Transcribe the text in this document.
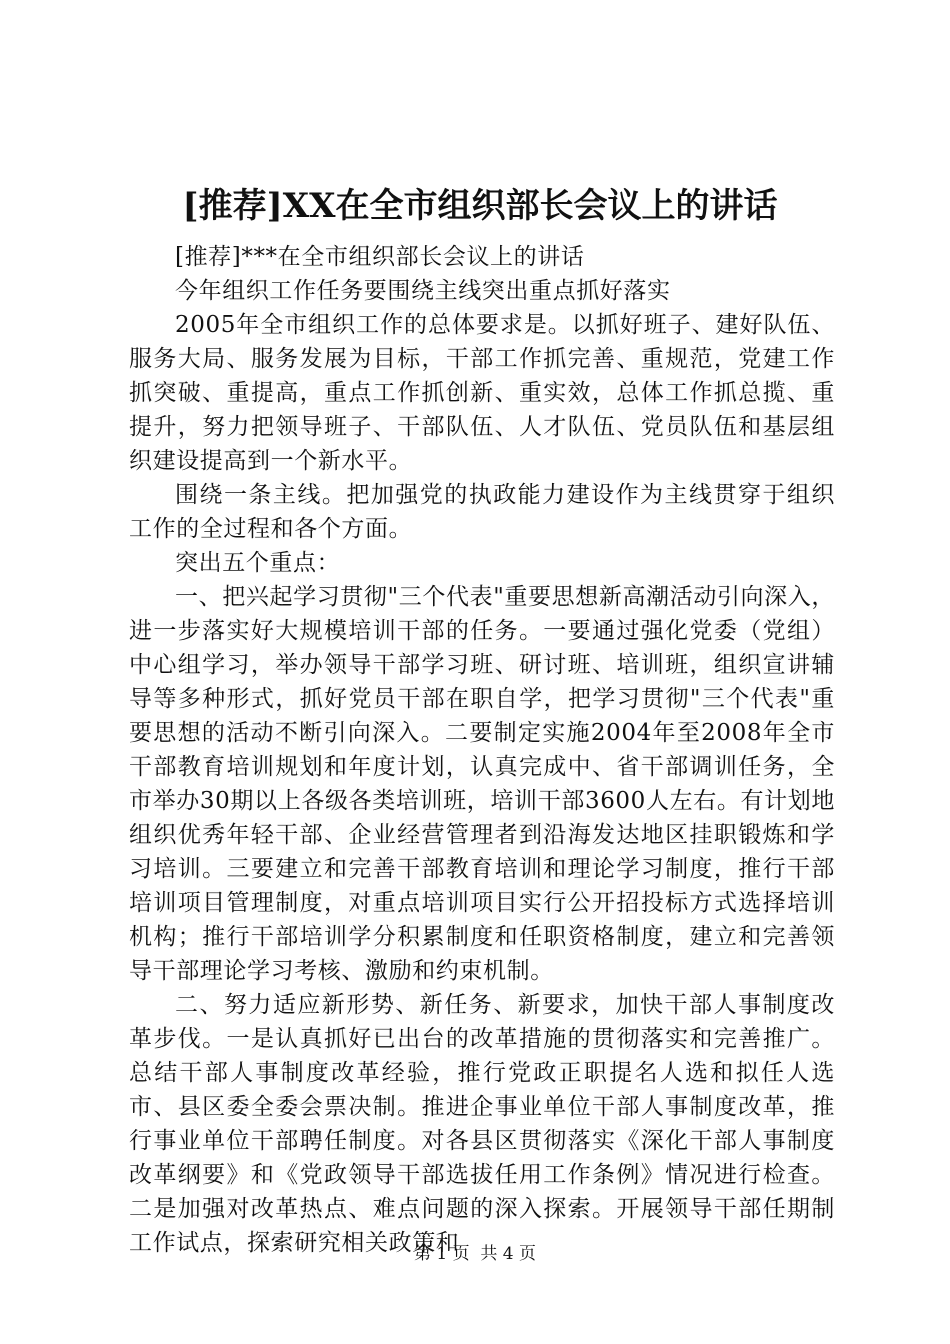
[推荐]XX在全市组织部长会议上的讲话

[推荐]***在全市组织部长会议上的讲话

今年组织工作任务要围绕主线突出重点抓好落实

2005年全市组织工作的总体要求是。以抓好班子、建好队伍、服务大局、服务发展为目标，干部工作抓完善、重规范，党建工作抓突破、重提高，重点工作抓创新、重实效，总体工作抓总揽、重提升，努力把领导班子、干部队伍、人才队伍、党员队伍和基层组织建设提高到一个新水平。

围绕一条主线。把加强党的执政能力建设作为主线贯穿于组织工作的全过程和各个方面。

突出五个重点：

一、把兴起学习贯彻"三个代表"重要思想新高潮活动引向深入，进一步落实好大规模培训干部的任务。一要通过强化党委（党组）中心组学习，举办领导干部学习班、研讨班、培训班，组织宣讲辅导等多种形式，抓好党员干部在职自学，把学习贯彻"三个代表"重要思想的活动不断引向深入。二要制定实施2004年至2008年全市干部教育培训规划和年度计划，认真完成中、省干部调训任务，全市举办30期以上各级各类培训班，培训干部3600人左右。有计划地组织优秀年轻干部、企业经营管理者到沿海发达地区挂职锻炼和学习培训。三要建立和完善干部教育培训和理论学习制度，推行干部培训项目管理制度，对重点培训项目实行公开招投标方式选择培训机构；推行干部培训学分积累制度和任职资格制度，建立和完善领导干部理论学习考核、激励和约束机制。

二、努力适应新形势、新任务、新要求，加快干部人事制度改革步伐。一是认真抓好已出台的改革措施的贯彻落实和完善推广。总结干部人事制度改革经验，推行党政正职提名人选和拟任人选市、县区委全委会票决制。推进企事业单位干部人事制度改革，推行事业单位干部聘任制度。对各县区贯彻落实《深化干部人事制度改革纲要》和《党政领导干部选拔任用工作条例》情况进行检查。二是加强对改革热点、难点问题的深入探索。开展领导干部任期制工作试点，探索研究相关政策和

第 1 页  共 4 页
